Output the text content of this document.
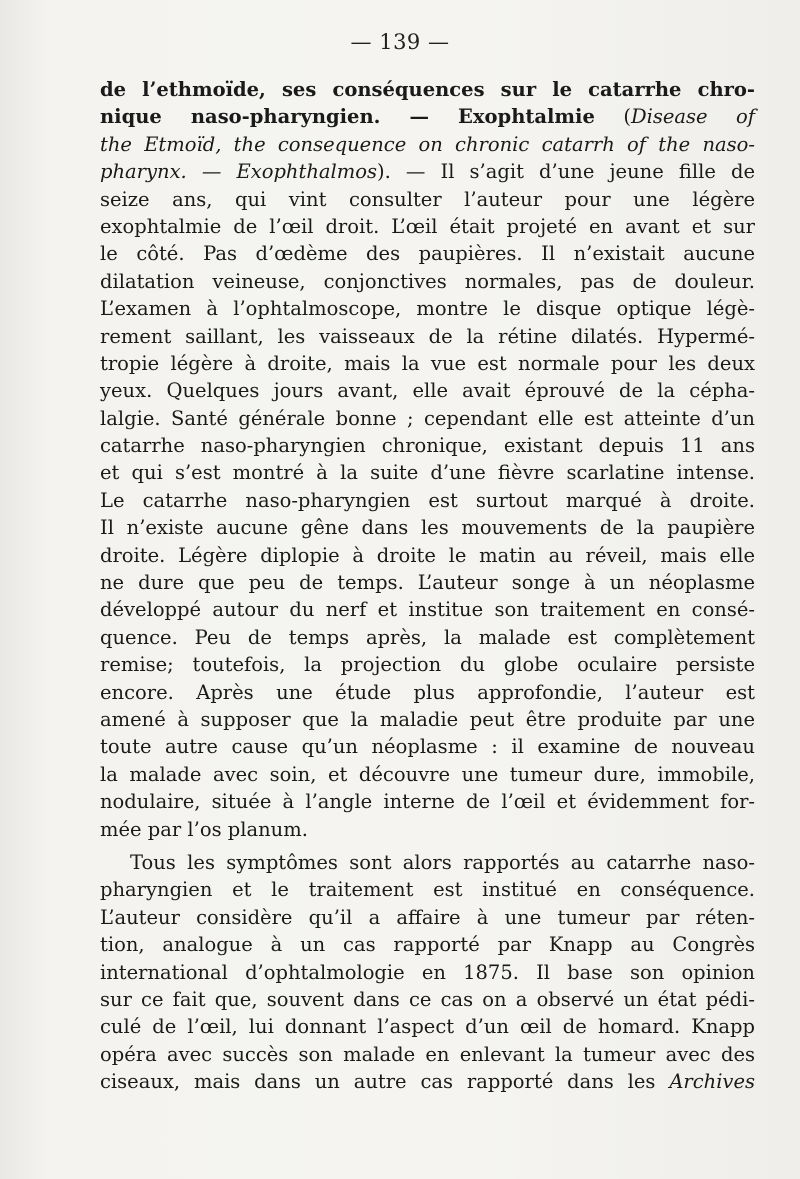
— 139 —
de l’ethmoïde, ses conséquences sur le catarrhe chro-
nique naso-pharyngien. — Exophtalmie (Disease of
the Etmoïd, the consequence on chronic catarrh of the naso-
pharynx. — Exophthalmos). — Il s’agit d’une jeune fille de
seize ans, qui vint consulter l’auteur pour une légère
exophtalmie de l’œil droit. L’œil était projeté en avant et sur
le côté. Pas d’œdème des paupières. Il n’existait aucune
dilatation veineuse, conjonctives normales, pas de douleur.
L’examen à l’ophtalmoscope, montre le disque optique légè-
rement saillant, les vaisseaux de la rétine dilatés. Hypermé-
tropie légère à droite, mais la vue est normale pour les deux
yeux. Quelques jours avant, elle avait éprouvé de la cépha-
lalgie. Santé générale bonne ; cependant elle est atteinte d’un
catarrhe naso-pharyngien chronique, existant depuis 11 ans
et qui s’est montré à la suite d’une fièvre scarlatine intense.
Le catarrhe naso-pharyngien est surtout marqué à droite.
Il n’existe aucune gêne dans les mouvements de la paupière
droite. Légère diplopie à droite le matin au réveil, mais elle
ne dure que peu de temps. L’auteur songe à un néoplasme
développé autour du nerf et institue son traitement en consé-
quence. Peu de temps après, la malade est complètement
remise; toutefois, la projection du globe oculaire persiste
encore. Après une étude plus approfondie, l’auteur est
amené à supposer que la maladie peut être produite par une
toute autre cause qu’un néoplasme : il examine de nouveau
la malade avec soin, et découvre une tumeur dure, immobile,
nodulaire, située à l’angle interne de l’œil et évidemment for-
mée par l’os planum.
Tous les symptômes sont alors rapportés au catarrhe naso-
pharyngien et le traitement est institué en conséquence.
L’auteur considère qu’il a affaire à une tumeur par réten-
tion, analogue à un cas rapporté par Knapp au Congrès
international d’ophtalmologie en 1875. Il base son opinion
sur ce fait que, souvent dans ce cas on a observé un état pédi-
culé de l’œil, lui donnant l’aspect d’un œil de homard. Knapp
opéra avec succès son malade en enlevant la tumeur avec des
ciseaux, mais dans un autre cas rapporté dans les Archives
